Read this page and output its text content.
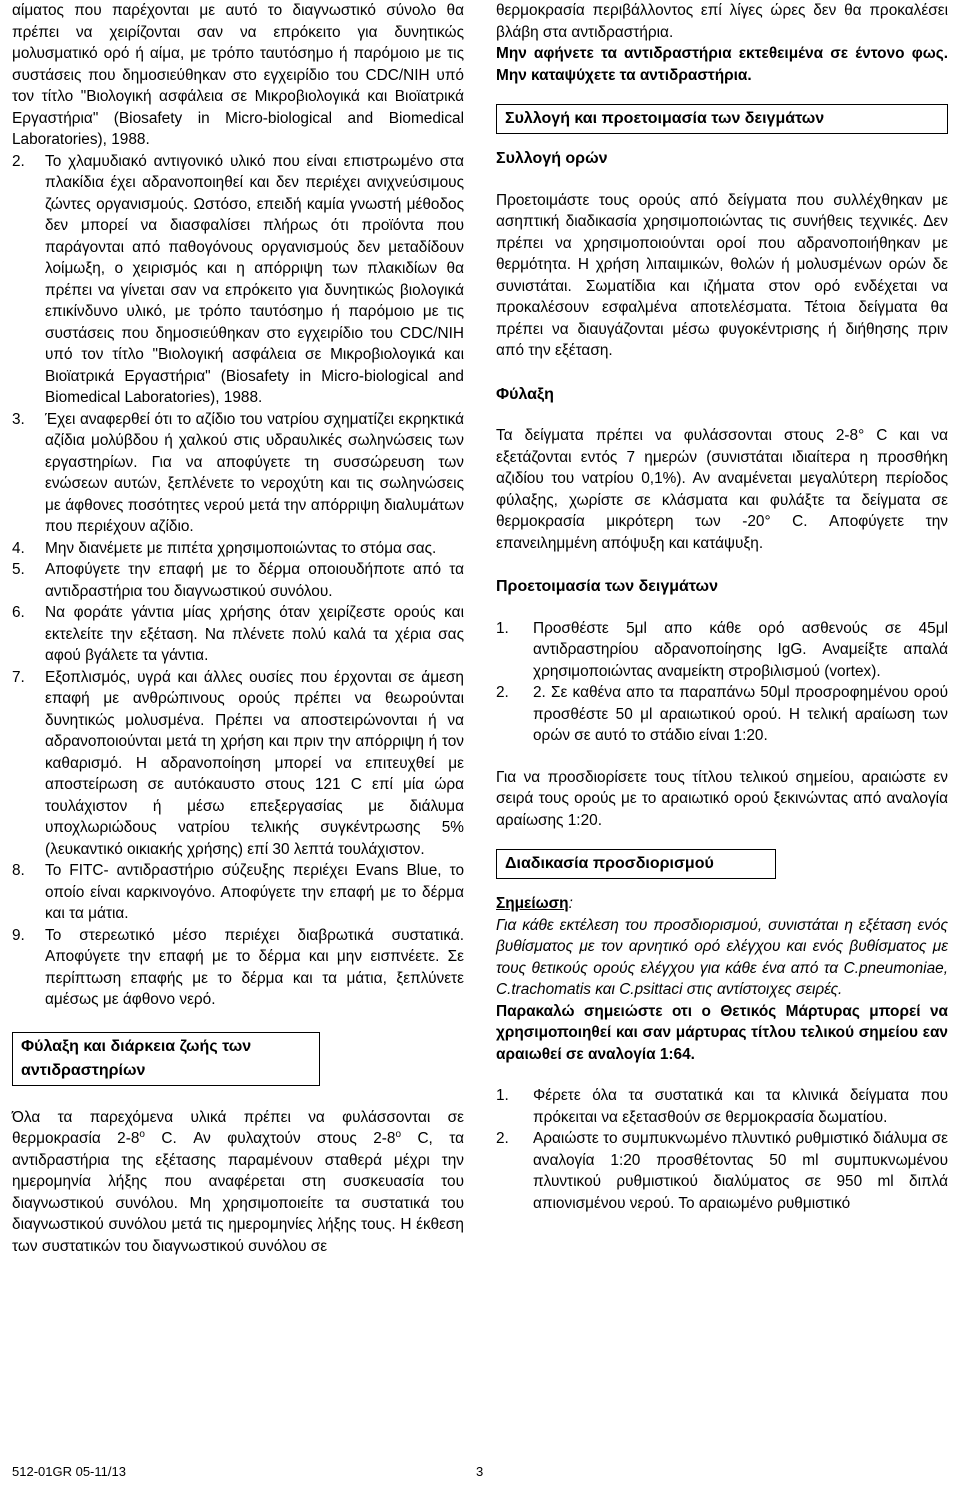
αίματος που παρέχονται με αυτό το διαγνωστικό σύνολο θα πρέπει να χειρίζονται σαν να επρόκειτο για δυνητικώς μολυσματικό ορό ή αίμα, με τρόπο ταυτόσημο ή παρόμοιο με τις συστάσεις που δημοσιεύθηκαν στο εγχειρίδιο του CDC/NIH υπό τον τίτλο "Βιολογική ασφάλεια σε Μικροβιολογικά και Βιοϊατρικά Εργαστήρια" (Biosafety in Micro-biological and Biomedical Laboratories), 1988.

2.	Το χλαμυδιακό αντιγονικό υλικό που είναι επιστρωμένο στα πλακίδια έχει αδρανοποιηθεί και δεν περιέχει ανιχνεύσιμους ζώντες οργανισμούς. Ωστόσο, επειδή καμία γνωστή μέθοδος δεν μπορεί να διασφαλίσει πλήρως ότι προϊόντα που παράγονται από παθογόνους οργανισμούς δεν μεταδίδουν λοίμωξη, ο χειρισμός και η απόρριψη των πλακιδίων θα πρέπει να γίνεται σαν να επρόκειτο για δυνητικώς βιολογικά επικίνδυνο υλικό, με τρόπο ταυτόσημο ή παρόμοιο με τις συστάσεις που δημοσιεύθηκαν στο εγχειρίδιο του CDC/NIH υπό τον τίτλο "Βιολογική ασφάλεια σε Μικροβιολογικά και Βιοϊατρικά Εργαστήρια" (Biosafety in Micro-biological and Biomedical Laboratories), 1988.
3.	Έχει αναφερθεί ότι το αζίδιο του νατρίου σχηματίζει εκρηκτικά αζίδια μολύβδου ή χαλκού στις υδραυλικές σωληνώσεις των εργαστηρίων. Για να αποφύγετε τη συσσώρευση των ενώσεων αυτών, ξεπλένετε το νεροχύτη και τις σωληνώσεις με άφθονες ποσότητες νερού μετά την απόρριψη διαλυμάτων που περιέχουν αζίδιο.
4.	Μην διανέμετε με πιπέτα χρησιμοποιώντας το στόμα σας.
5.	Αποφύγετε την επαφή με το δέρμα οποιουδήποτε από τα αντιδραστήρια του διαγνωστικού συνόλου.
6.	Να φοράτε γάντια μίας χρήσης όταν χειρίζεστε ορούς και εκτελείτε την εξέταση. Να πλένετε πολύ καλά τα χέρια σας αφού βγάλετε τα γάντια.
7.	Εξοπλισμός, υγρά και άλλες ουσίες που έρχονται σε άμεση επαφή με ανθρώπινους ορούς πρέπει να θεωρούνται δυνητικώς μολυσμένα. Πρέπει να αποστειρώνονται ή να αδρανοποιούνται μετά τη χρήση και πριν την απόρριψη ή τον καθαρισμό. Η αδρανοποίηση μπορεί να επιτευχθεί με αποστείρωση σε αυτόκαυστο στους 121 C επί μία ώρα τουλάχιστον ή μέσω επεξεργασίας με διάλυμα υποχλωριώδους νατρίου τελικής συγκέντρωσης 5% (λευκαντικό οικιακής χρήσης) επί 30 λεπτά τουλάχιστον.
8.	Το FITC- αντιδραστήριο σύζευξης περιέχει Evans Blue, το οποίο είναι καρκινογόνο. Αποφύγετε την επαφή με το δέρμα και τα μάτια.
9.	Το στερεωτικό μέσο περιέχει διαβρωτικά συστατικά. Αποφύγετε την επαφή με το δέρμα και μην εισπνέετε. Σε περίπτωση επαφής με το δέρμα και τα μάτια, ξεπλύνετε αμέσως με άφθονο νερό.
Φύλαξη και διάρκεια ζωής των αντιδραστηρίων

Όλα τα παρεχόμενα υλικά πρέπει να φυλάσσονται σε θερμοκρασία 2-8$^o$ C. Αν φυλαχτούν στους 2-8$^o$ C, τα αντιδραστήρια της εξέτασης παραμένουν σταθερά μέχρι την ημερομηνία λήξης που αναφέρεται στη συσκευασία του διαγνωστικού συνόλου. Μη χρησιμοποιείτε τα συστατικά του διαγνωστικού συνόλου μετά τις ημερομηνίες λήξης τους. Η έκθεση των συστατικών του διαγνωστικού συνόλου σε

θερμοκρασία περιβάλλοντος επί λίγες ώρες δεν θα προκαλέσει βλάβη στα αντιδραστήρια.

Μην αφήνετε τα αντιδραστήρια εκτεθειμένα σε έντονο φως. Μην καταψύχετε τα αντιδραστήρια.

Συλλογή και προετοιμασία των δειγμάτων

Συλλογή ορών

Προετοιμάστε τους ορούς από δείγματα που συλλέχθηκαν με ασηπτική διαδικασία χρησιμοποιώντας τις συνήθεις τεχνικές. Δεν πρέπει να χρησιμοποιούνται οροί που αδρανοποιήθηκαν με θερμότητα. Η χρήση λιπαιμικών, θολών ή μολυσμένων ορών δε συνιστάται. Σωματίδια και ιζήματα στον ορό ενδέχεται να προκαλέσουν εσφαλμένα αποτελέσματα. Τέτοια δείγματα θα πρέπει να διαυγάζονται μέσω φυγοκέντρισης ή διήθησης πριν από την εξέταση.

Φύλαξη

Τα δείγματα πρέπει να φυλάσσονται στους 2-8° C και να εξετάζονται εντός 7 ημερών (συνιστάται ιδιαίτερα η προσθήκη αζιδίου του νατρίου 0,1%). Αν αναμένεται μεγαλύτερη περίοδος φύλαξης, χωρίστε σε κλάσματα και φυλάξτε τα δείγματα σε θερμοκρασία μικρότερη των -20° C. Αποφύγετε την επανειλημμένη απόψυξη και κατάψυξη.

Προετοιμασία των δειγμάτων

1.	Προσθέστε 5μl απο κάθε ορό ασθενούς σε 45μl αντιδραστηρίου αδρανοποίησης IgG. Αναμείξτε απαλά χρησιμοποιώντας αναμείκτη στροβιλισμού (vortex).
2.	2. Σε καθένα απο τα παραπάνω 50μl προσροφημένου ορού προσθέστε 50 μl αραιωτικού ορού. Η τελική αραίωση των ορών σε αυτό το στάδιο είναι 1:20.

Για να προσδιορίσετε τους τίτλου τελικού σημείου, αραιώστε εν σειρά τους ορούς με το αραιωτικό ορού ξεκινώντας από αναλογία αραίωσης 1:20.

Διαδικασία προσδιορισμού

Σημείωση:

Για κάθε εκτέλεση του προσδιορισμού, συνιστάται η εξέταση ενός βυθίσματος με τον αρνητικό ορό ελέγχου και ενός βυθίσματος με τους θετικούς ορούς ελέγχου για κάθε ένα από τα C.pneumoniae, C.trachomatis και C.psittaci στις αντίστοιχες σειρές.

Παρακαλώ σημειώστε οτι ο Θετικός Μάρτυρας μπορεί να χρησιμοποιηθεί και σαν μάρτυρας τίτλου τελικού σημείου εαν αραιωθεί σε αναλογία 1:64.

1.	Φέρετε όλα τα συστατικά και τα κλινικά δείγματα που πρόκειται να εξετασθούν σε θερμοκρασία δωματίου.
2.	Αραιώστε το συμπυκνωμένο πλυντικό ρυθμιστικό διάλυμα σε αναλογία 1:20 προσθέτοντας 50 ml συμπυκνωμένου πλυντικού ρυθμιστικού διαλύματος σε 950 ml διπλά απιονισμένου νερού. Το αραιωμένο ρυθμιστικό
512-01GR 05-11/13	3
